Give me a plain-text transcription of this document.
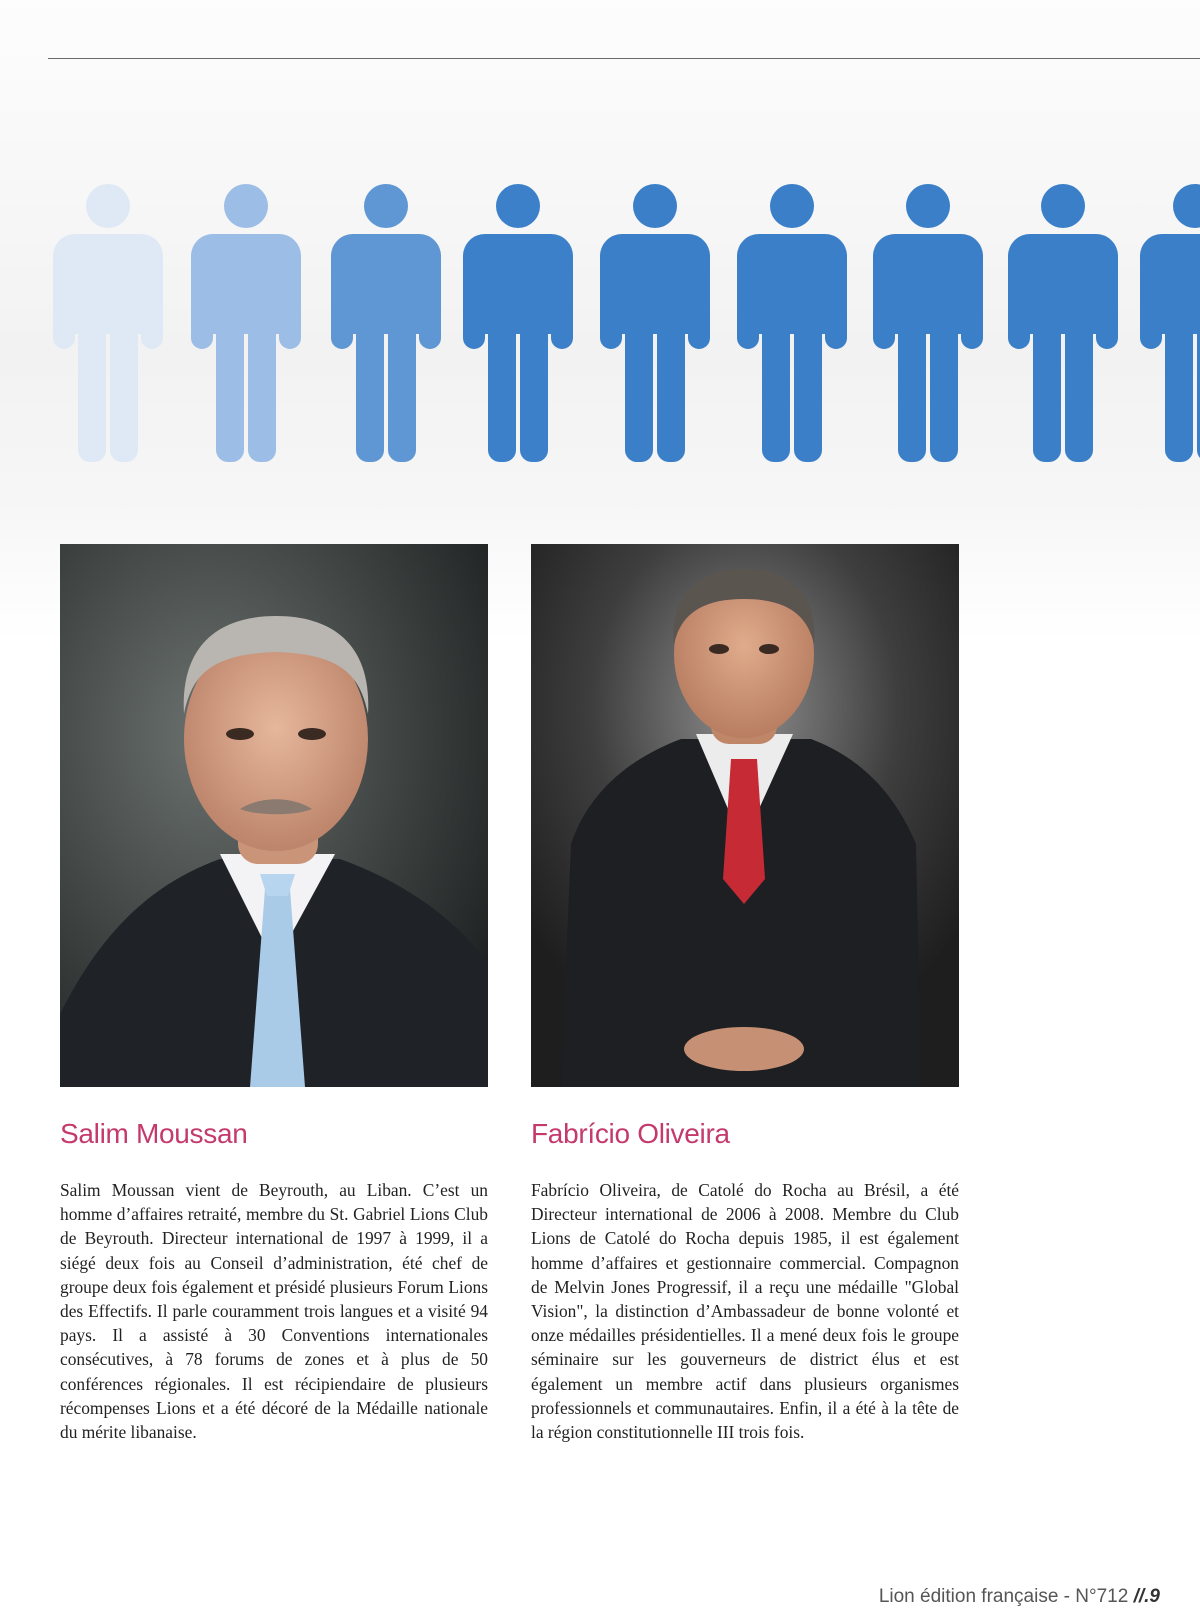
Salim Moussan

Salim Moussan vient de Beyrouth, au Liban. C’est un homme d’affaires retraité, membre du St. Gabriel Lions Club de Beyrouth. Directeur international de 1997 à 1999, il a siégé deux fois au Conseil d’administration, été chef de groupe deux fois également et présidé plusieurs Forum Lions des Effectifs. Il parle couramment trois langues et a visité 94 pays. Il a assisté à 30 Conventions internationales consécutives, à 78 forums de zones et à plus de 50 conférences régionales. Il est récipiendaire de plusieurs récompenses Lions et a été décoré de la Médaille nationale du mérite libanaise.

Fabrício Oliveira

Fabrício Oliveira, de Catolé do Rocha au Brésil, a été Directeur international de 2006 à 2008. Membre du Club Lions de Catolé do Rocha depuis 1985, il est également homme d’affaires et gestionnaire commercial. Compagnon de Melvin Jones Progressif, il a reçu une médaille "Global Vision", la distinction d’Ambassadeur de bonne volonté et onze médailles présidentielles. Il a mené deux fois le groupe séminaire sur les gouverneurs de district élus et est également un membre actif dans plusieurs organismes professionnels et communautaires. Enfin, il a été à la tête de la région constitutionnelle III trois fois.

Lion édition française - N°712 //.9
